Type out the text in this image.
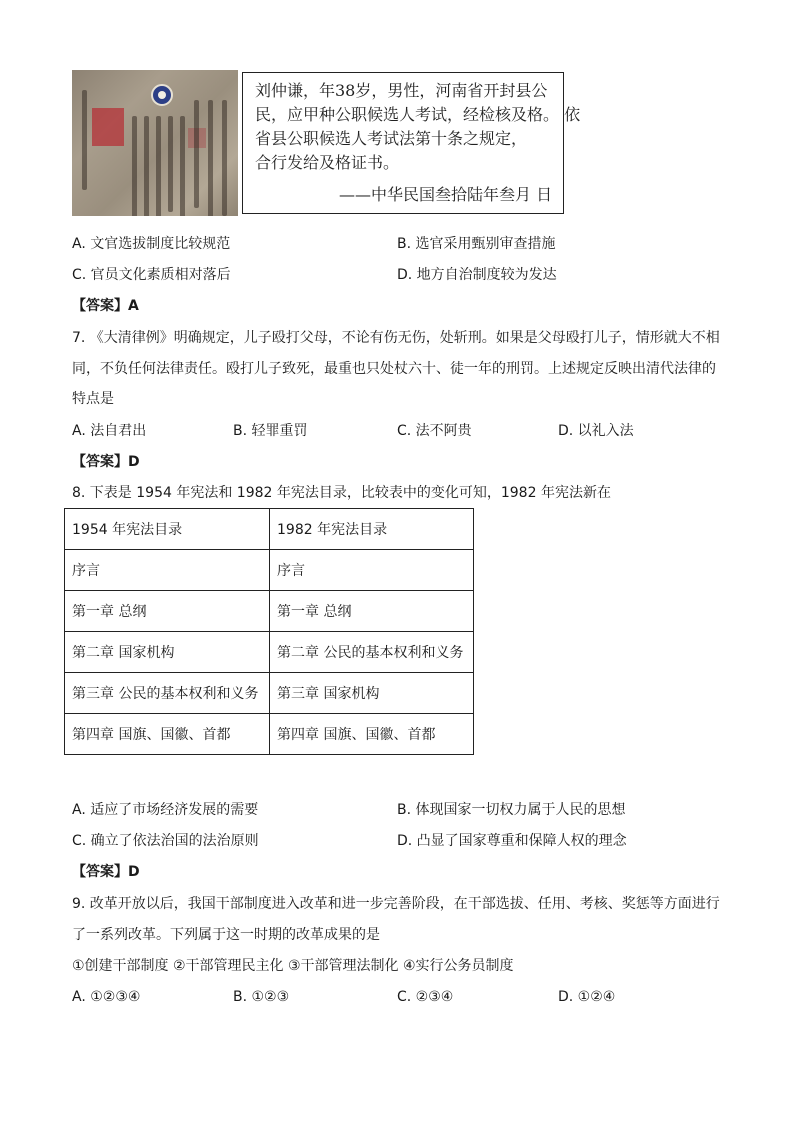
刘仲谦，年38岁，男性，河南省开封县公
民，应甲种公职候选人考试，经检核及格。 依
省县公职候选人考试法第十条之规定，
合行发给及格证书。
——中华民国叁拾陆年叁月 日
A. 文官选拔制度比较规范	B. 选官采用甄别审查措施
C. 官员文化素质相对落后	D. 地方自治制度较为发达
【答案】A
7. 《大清律例》明确规定，儿子殴打父母，不论有伤无伤，处斩刑。如果是父母殴打儿子，情形就大不相
同，不负任何法律责任。殴打儿子致死，最重也只处杖六十、徒一年的刑罚。上述规定反映出清代法律的
特点是
A. 法自君出	B. 轻罪重罚	C. 法不阿贵	D. 以礼入法
【答案】D
8. 下表是 1954 年宪法和 1982 年宪法目录，比较表中的变化可知，1982 年宪法新在
1954 年宪法目录	1982 年宪法目录
序言	序言
第一章 总纲	第一章 总纲
第二章 国家机构	第二章 公民的基本权利和义务
第三章 公民的基本权利和义务	第三章 国家机构
第四章 国旗、国徽、首都	第四章 国旗、国徽、首都
A. 适应了市场经济发展的需要	B. 体现国家一切权力属于人民的思想
C. 确立了依法治国的法治原则	D. 凸显了国家尊重和保障人权的理念
【答案】D
9. 改革开放以后，我国干部制度进入改革和进一步完善阶段，在干部选拔、任用、考核、奖惩等方面进行
了一系列改革。下列属于这一时期的改革成果的是
①创建干部制度 ②干部管理民主化 ③干部管理法制化 ④实行公务员制度
A. ①②③④	B. ①②③	C. ②③④	D. ①②④
